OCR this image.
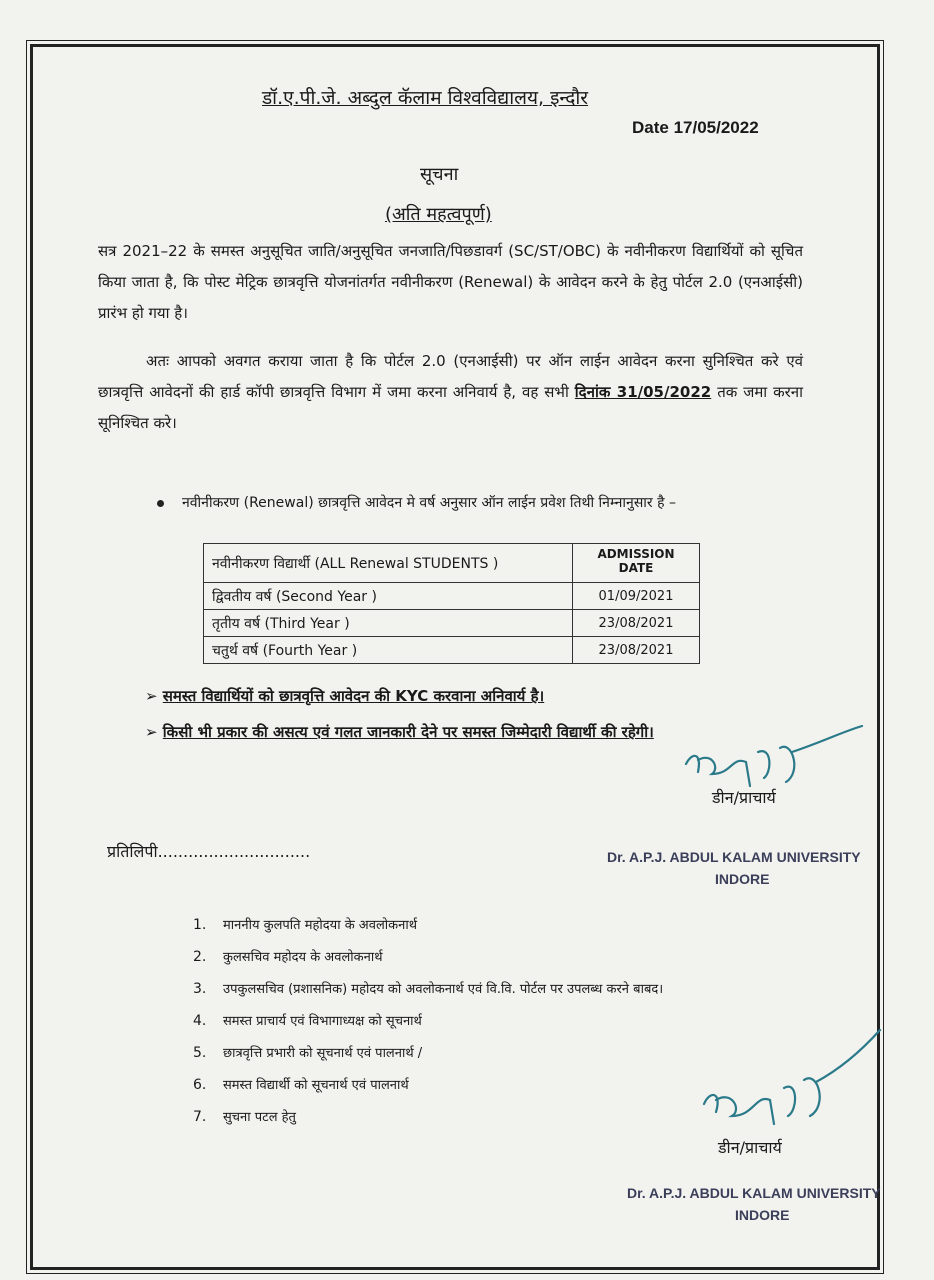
डॉ.ए.पी.जे. अब्दुल कॅलाम विश्वविद्यालय, इन्दौर
Date 17/05/2022
सूचना
(अति महत्वपूर्ण)
सत्र 2021–22 के समस्त अनुसूचित जाति/अनुसूचित जनजाति/पिछडावर्ग (SC/ST/OBC) के नवीनीकरण विद्यार्थियों को सूचित किया जाता है, कि पोस्ट मेट्रिक छात्रवृत्ति योजनांतर्गत नवीनीकरण (Renewal) के आवेदन करने के हेतु पोर्टल 2.0 (एनआईसी) प्रारंभ हो गया है।
अतः आपको अवगत कराया जाता है कि पोर्टल 2.0 (एनआईसी) पर ऑन लाईन आवेदन करना सुनिश्चित करे एवं छात्रवृत्ति आवेदनों की हार्ड कॉपी छात्रवृत्ति विभाग में जमा करना अनिवार्य है, वह सभी दिनांक 31/05/2022 तक जमा करना सूनिश्चित करे।
नवीनीकरण (Renewal) छात्रवृत्ति आवेदन मे वर्ष अनुसार ऑन लाईन प्रवेश तिथी निम्नानुसार है –
नवीनीकरण विद्यार्थी (ALL Renewal STUDENTS )	ADMISSION DATE
द्विवतीय वर्ष (Second Year )	01/09/2021
तृतीय वर्ष (Third Year )	23/08/2021
चतुर्थ वर्ष (Fourth Year )	23/08/2021
➢ समस्त विद्यार्थियों को छात्रवृत्ति आवेदन की KYC करवाना अनिवार्य है।
➢ किसी भी प्रकार की असत्य एवं गलत जानकारी देने पर समस्त जिम्मेदारी विद्यार्थी की रहेगी।
डीन/प्राचार्य
प्रतिलिपी..............................	Dr. A.P.J. ABDUL KALAM UNIVERSITY
INDORE
1. माननीय कुलपति महोदया के अवलोकनार्थ
2. कुलसचिव महोदय के अवलोकनार्थ
3. उपकुलसचिव (प्रशासनिक) महोदय को अवलोकनार्थ एवं वि.वि. पोर्टल पर उपलब्ध करने बाबद।
4. समस्त प्राचार्य एवं विभागाध्यक्ष को सूचनार्थ
5. छात्रवृत्ति प्रभारी को सूचनार्थ एवं पालनार्थ /
6. समस्त विद्यार्थी को सूचनार्थ एवं पालनार्थ
7. सुचना पटल हेतु
डीन/प्राचार्य
Dr. A.P.J. ABDUL KALAM UNIVERSITY
INDORE
